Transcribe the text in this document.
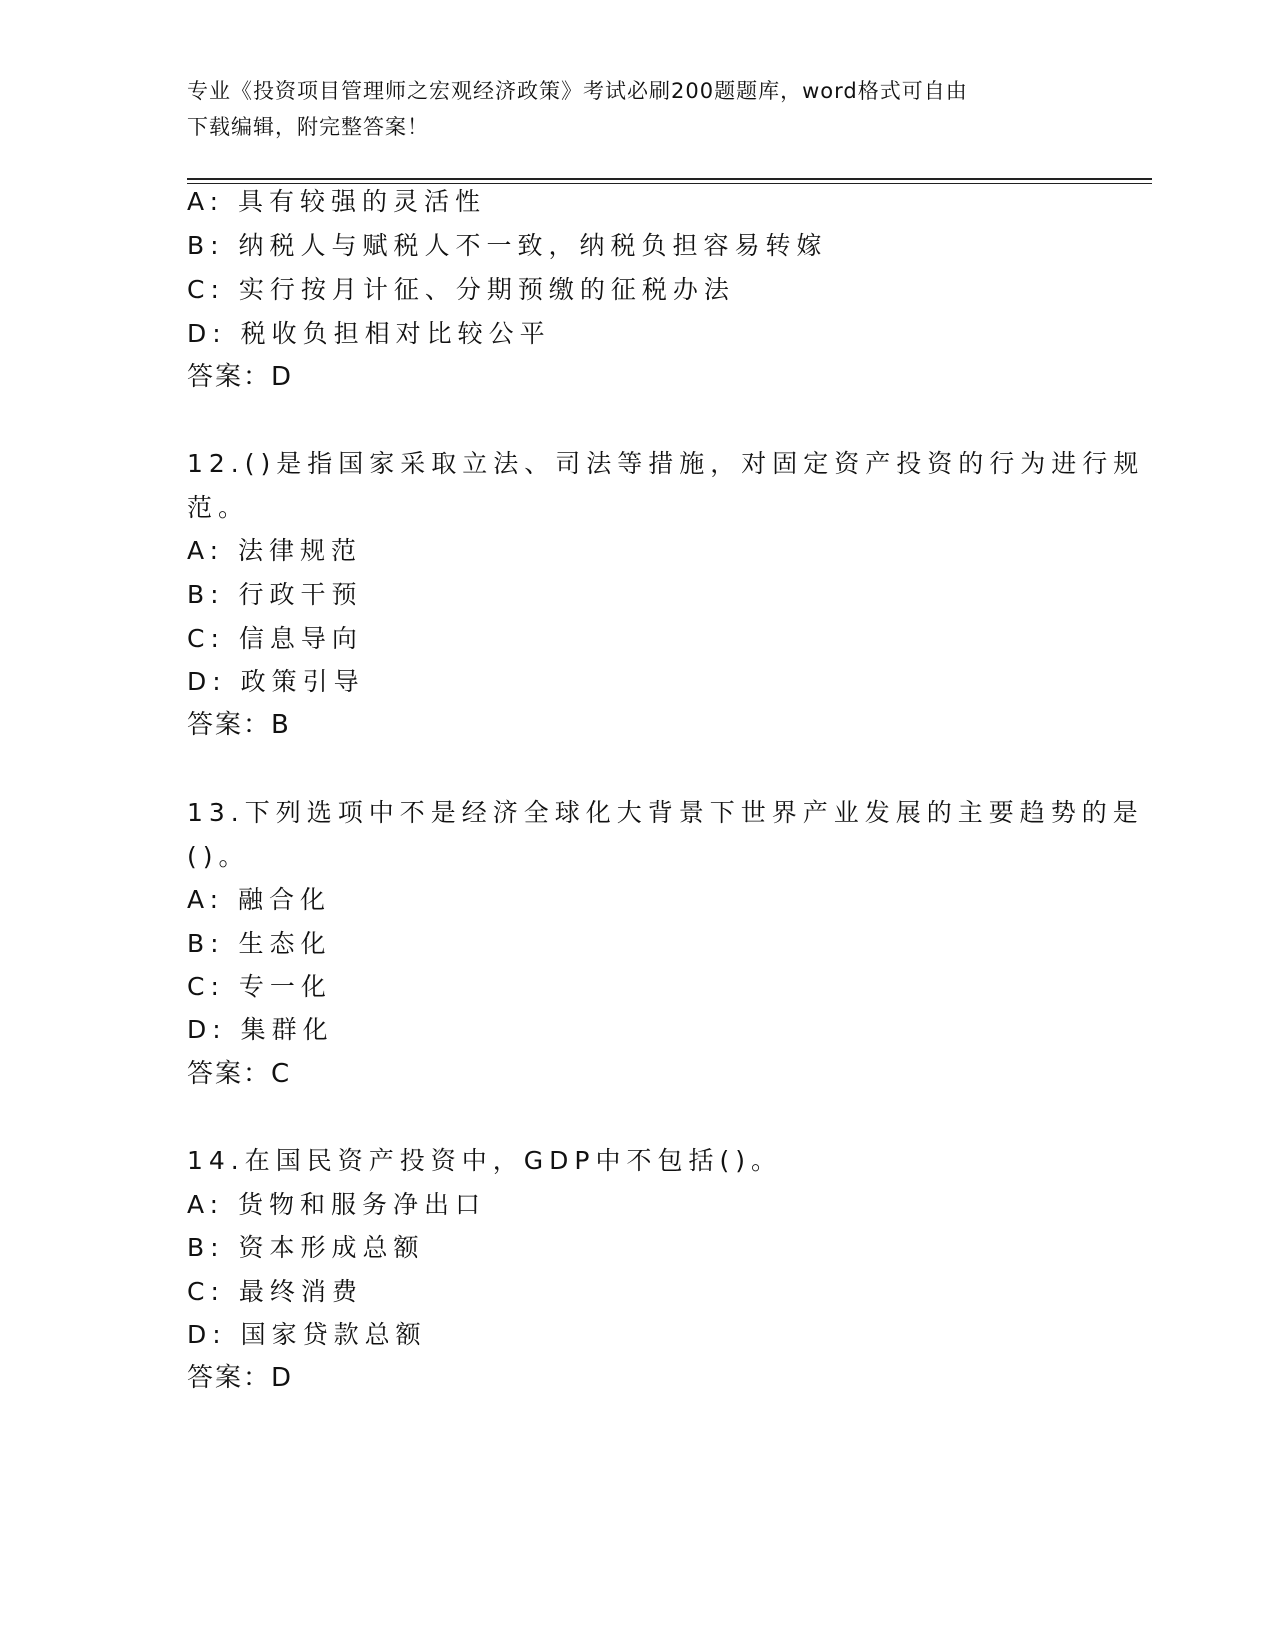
专业《投资项目管理师之宏观经济政策》考试必刷200题题库，word格式可自由
下载编辑，附完整答案！
A: 具有较强的灵活性
B: 纳税人与赋税人不一致，纳税负担容易转嫁
C: 实行按月计征、分期预缴的征税办法
D: 税收负担相对比较公平
答案：D
12.()是指国家采取立法、司法等措施，对固定资产投资的行为进行规
范。
A: 法律规范
B: 行政干预
C: 信息导向
D: 政策引导
答案：B
13.下列选项中不是经济全球化大背景下世界产业发展的主要趋势的是
()。
A: 融合化
B: 生态化
C: 专一化
D: 集群化
答案：C
14.在国民资产投资中，GDP中不包括()。
A: 货物和服务净出口
B: 资本形成总额
C: 最终消费
D: 国家贷款总额
答案：D
